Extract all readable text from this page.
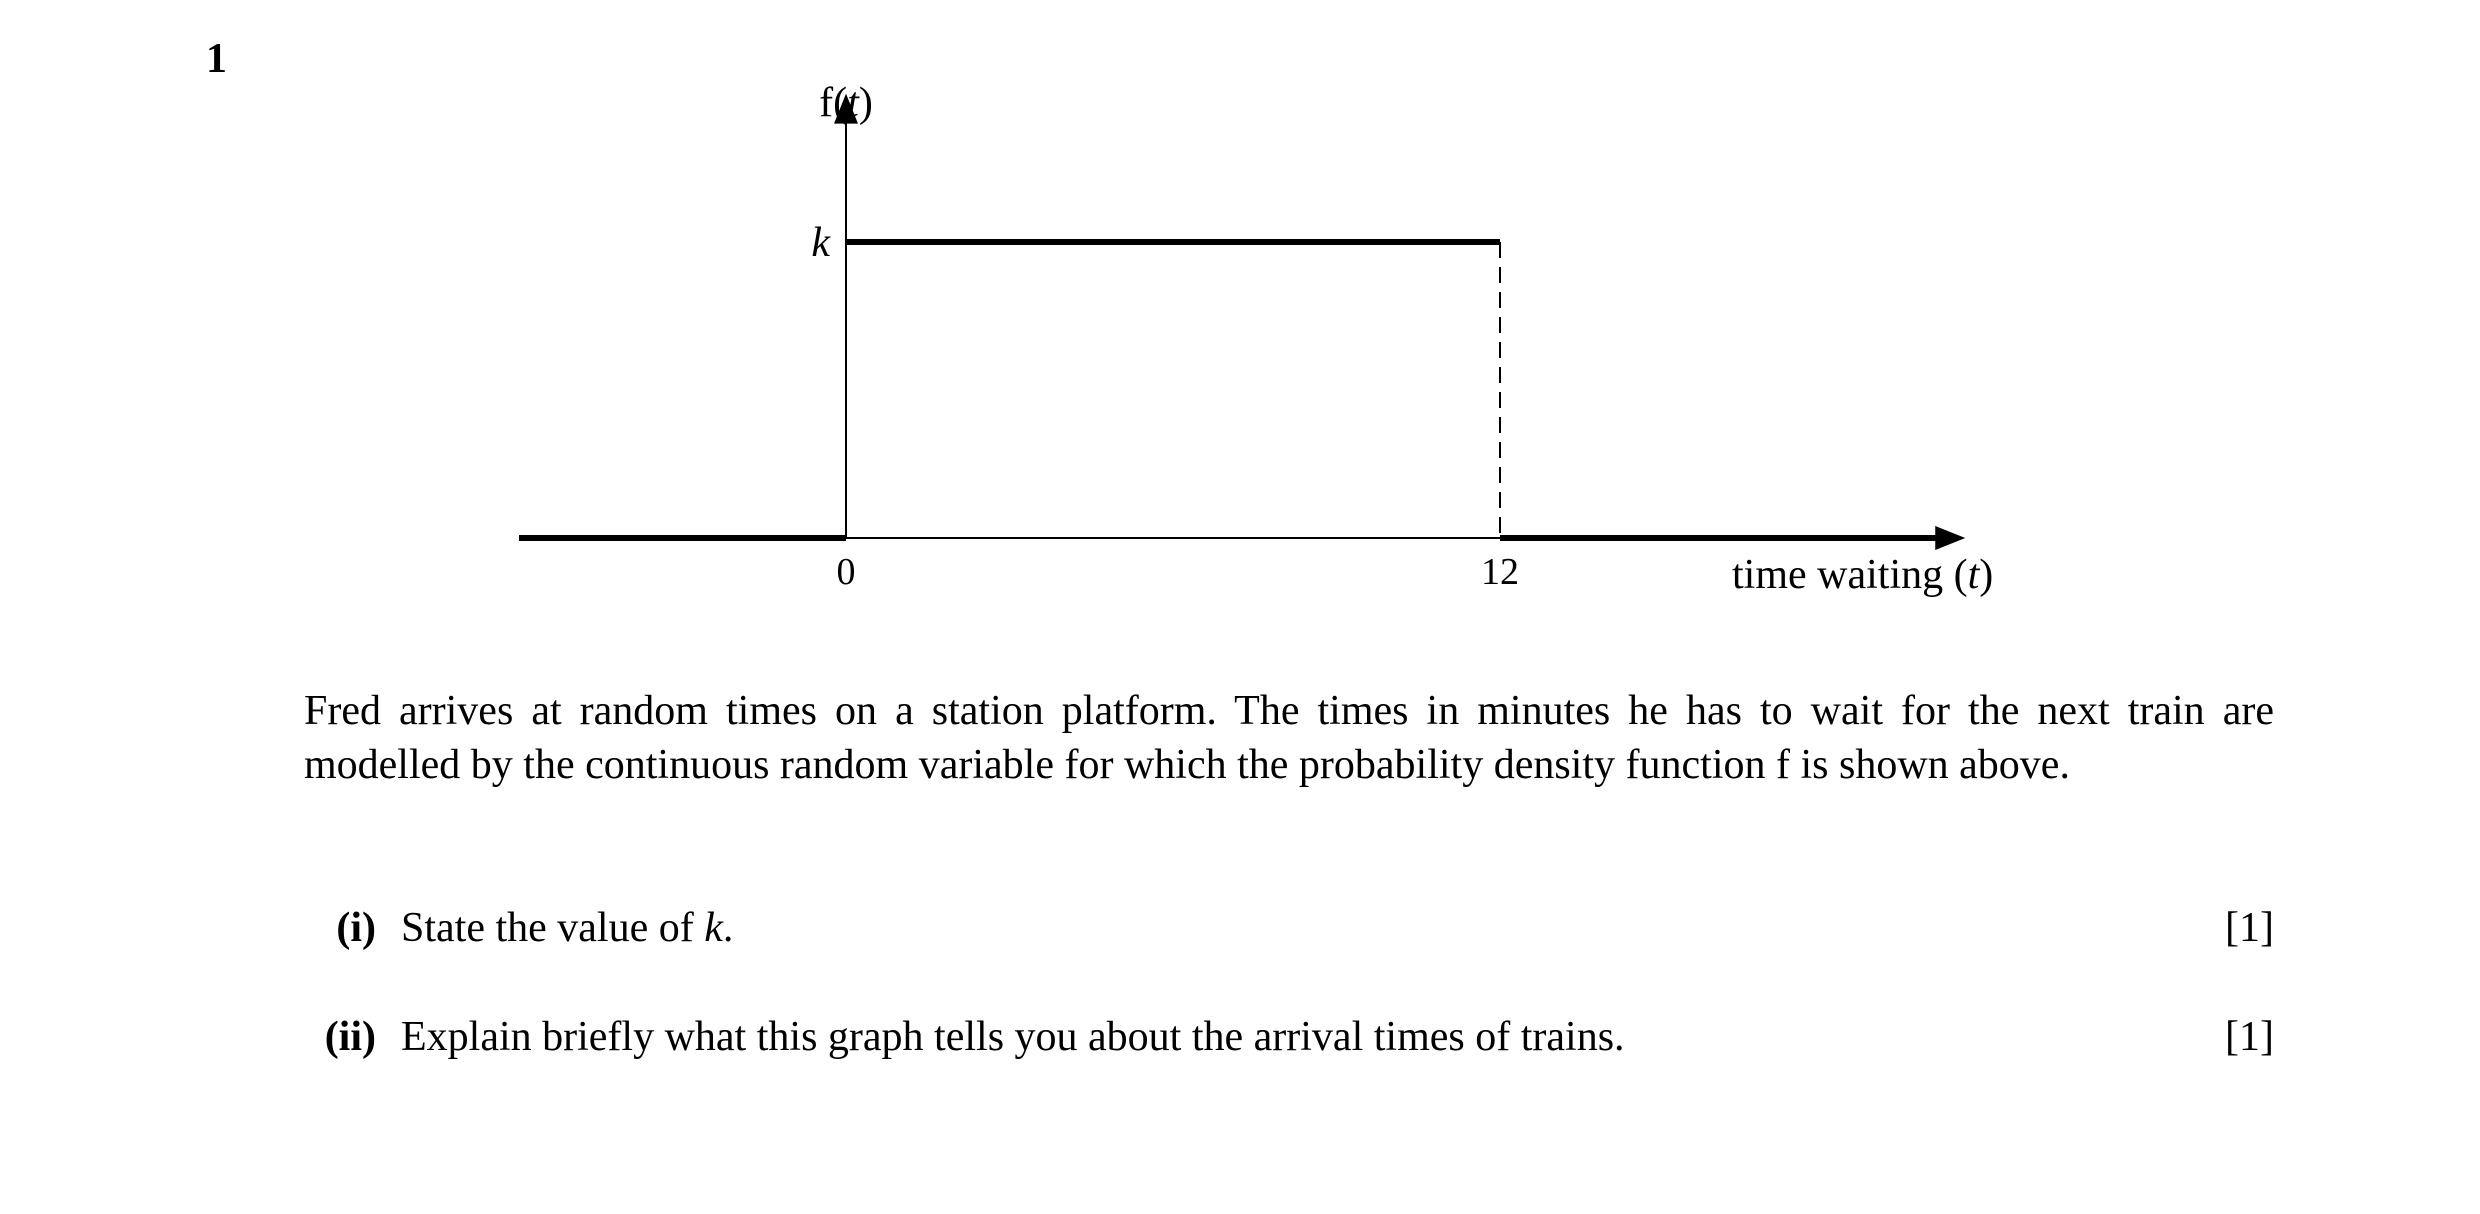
1
0	12
k
f(t)
time waiting (t)
Fred arrives at random times on a station platform. The times in minutes he has to wait for the next train are modelled by the continuous random variable for which the probability density function f is shown above.
(i) State the value of k.	[1]
(ii) Explain briefly what this graph tells you about the arrival times of trains.	[1]
